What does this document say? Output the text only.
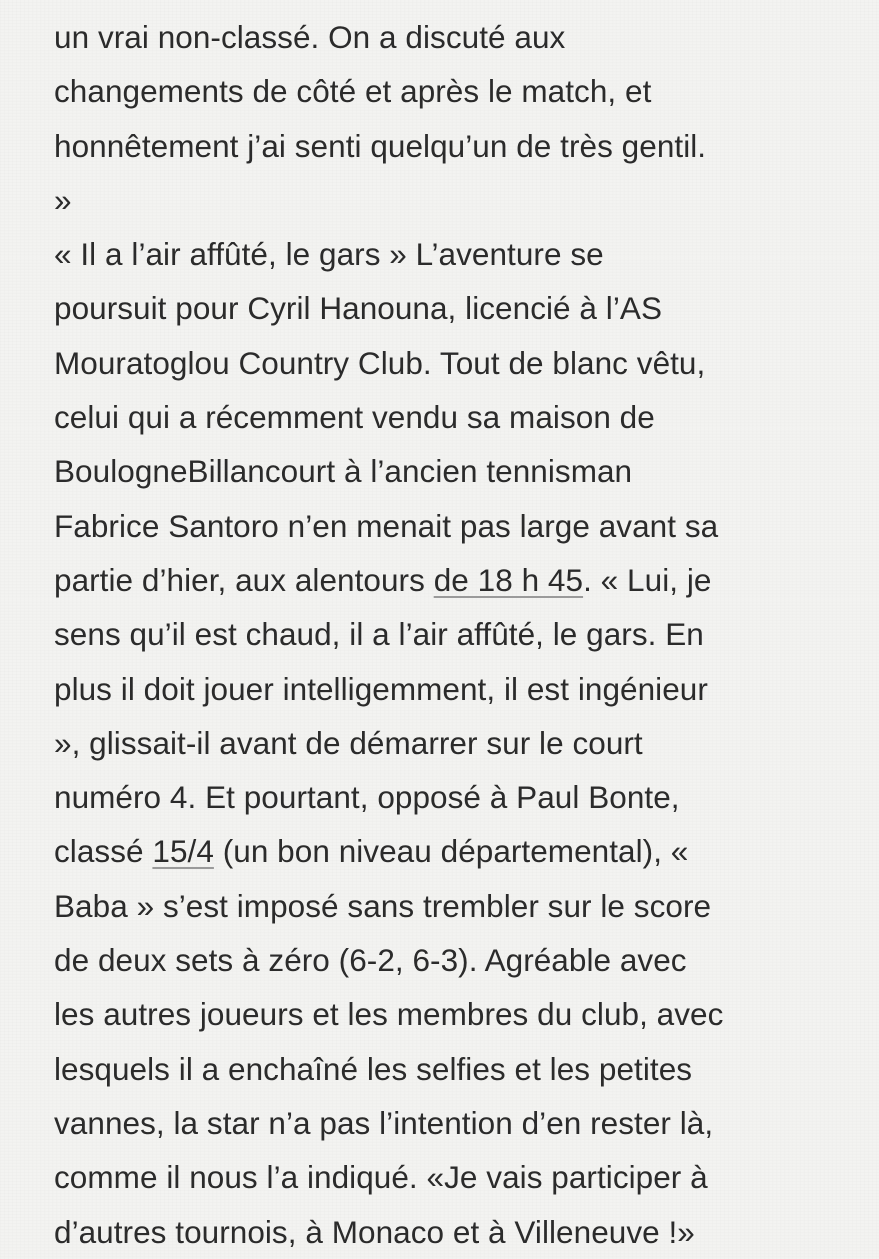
un vrai non-classé. On a discuté aux
changements de côté et après le match, et
honnêtement j’ai senti quelqu’un de très gentil.
»
« Il a l’air affûté, le gars » L’aventure se
poursuit pour Cyril Hanouna, licencié à l’AS
Mouratoglou Country Club. Tout de blanc vêtu,
celui qui a récemment vendu sa maison de
BoulogneBillancourt à l’ancien tennisman
Fabrice Santoro n’en menait pas large avant sa
partie d’hier, aux alentours de 18 h 45. « Lui, je
sens qu’il est chaud, il a l’air affûté, le gars. En
plus il doit jouer intelligemment, il est ingénieur
», glissait-il avant de démarrer sur le court
numéro 4. Et pourtant, opposé à Paul Bonte,
classé 15/4 (un bon niveau départemental), «
Baba » s’est imposé sans trembler sur le score
de deux sets à zéro (6-2, 6-3). Agréable avec
les autres joueurs et les membres du club, avec
lesquels il a enchaîné les selfies et les petites
vannes, la star n’a pas l’intention d’en rester là,
comme il nous l’a indiqué. «Je vais participer à
d’autres tournois, à Monaco et à Villeneuve !»
